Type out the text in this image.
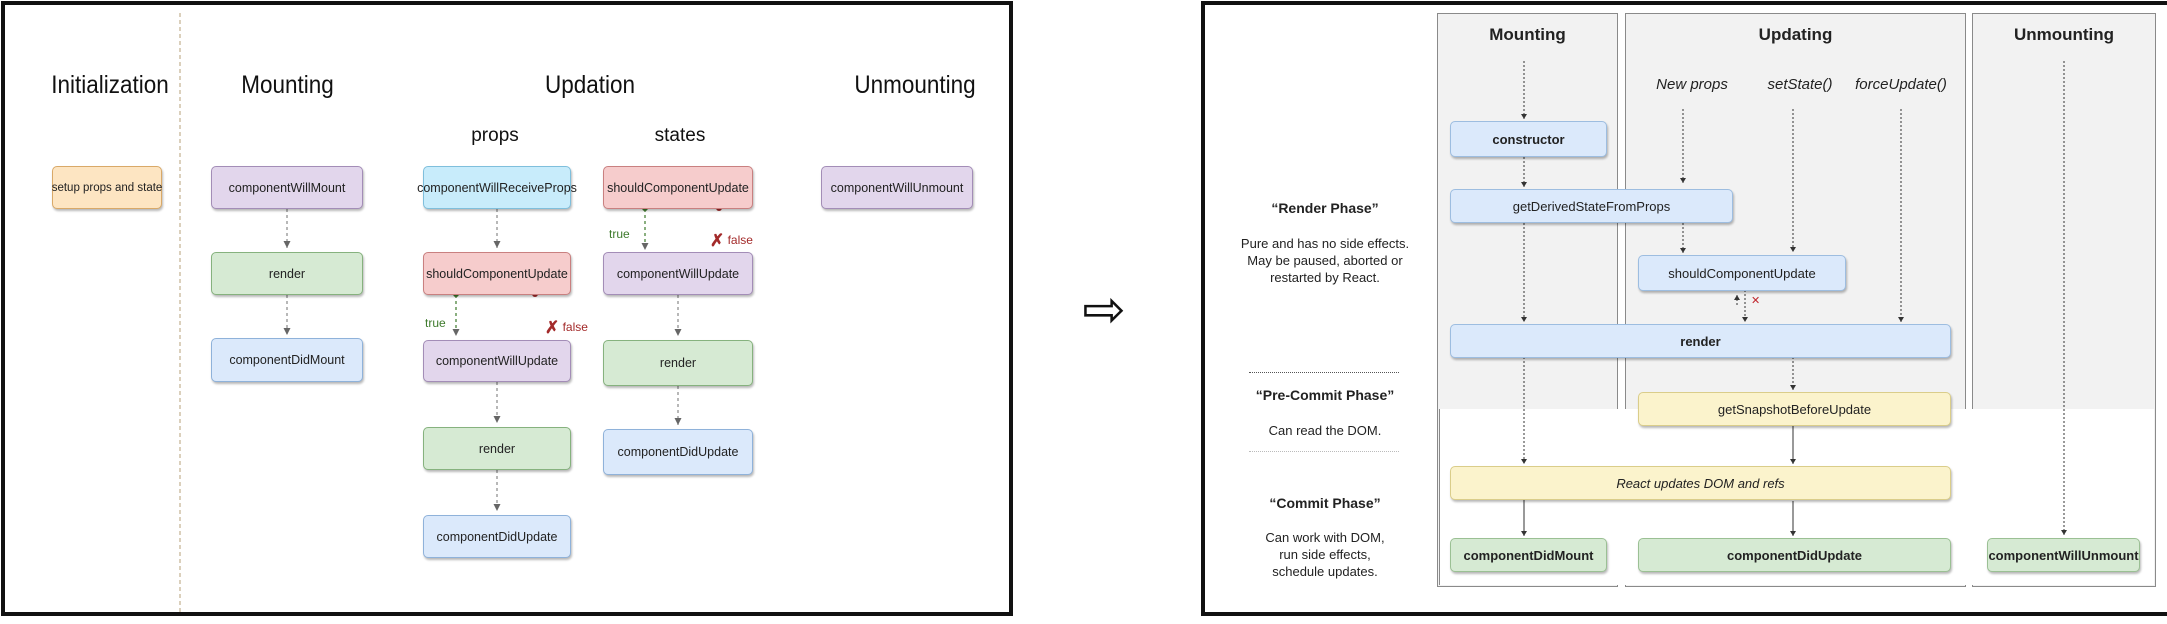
Initialization	Mounting	Updation	Unmounting
props	states
setup props and state	componentWillMount
render
componentDidMount
componentWillReceiveProps
shouldComponentUpdate
true	✗ false
componentWillUpdate
render
componentDidUpdate
shouldComponentUpdate
true	✗ false
componentWillUpdate
render
componentDidUpdate
componentWillUnmount
⇨
Mounting	Updating	Unmounting
New props	setState()	forceUpdate()
“Render Phase”
Pure and has no side effects.
May be paused, aborted or
restarted by React.
“Pre-Commit Phase”
Can read the DOM.
“Commit Phase”
Can work with DOM,
run side effects,
schedule updates.
✕
constructor
getDerivedStateFromProps
shouldComponentUpdate
render
getSnapshotBeforeUpdate
React updates DOM and refs
componentDidMount	componentDidUpdate	componentWillUnmount
